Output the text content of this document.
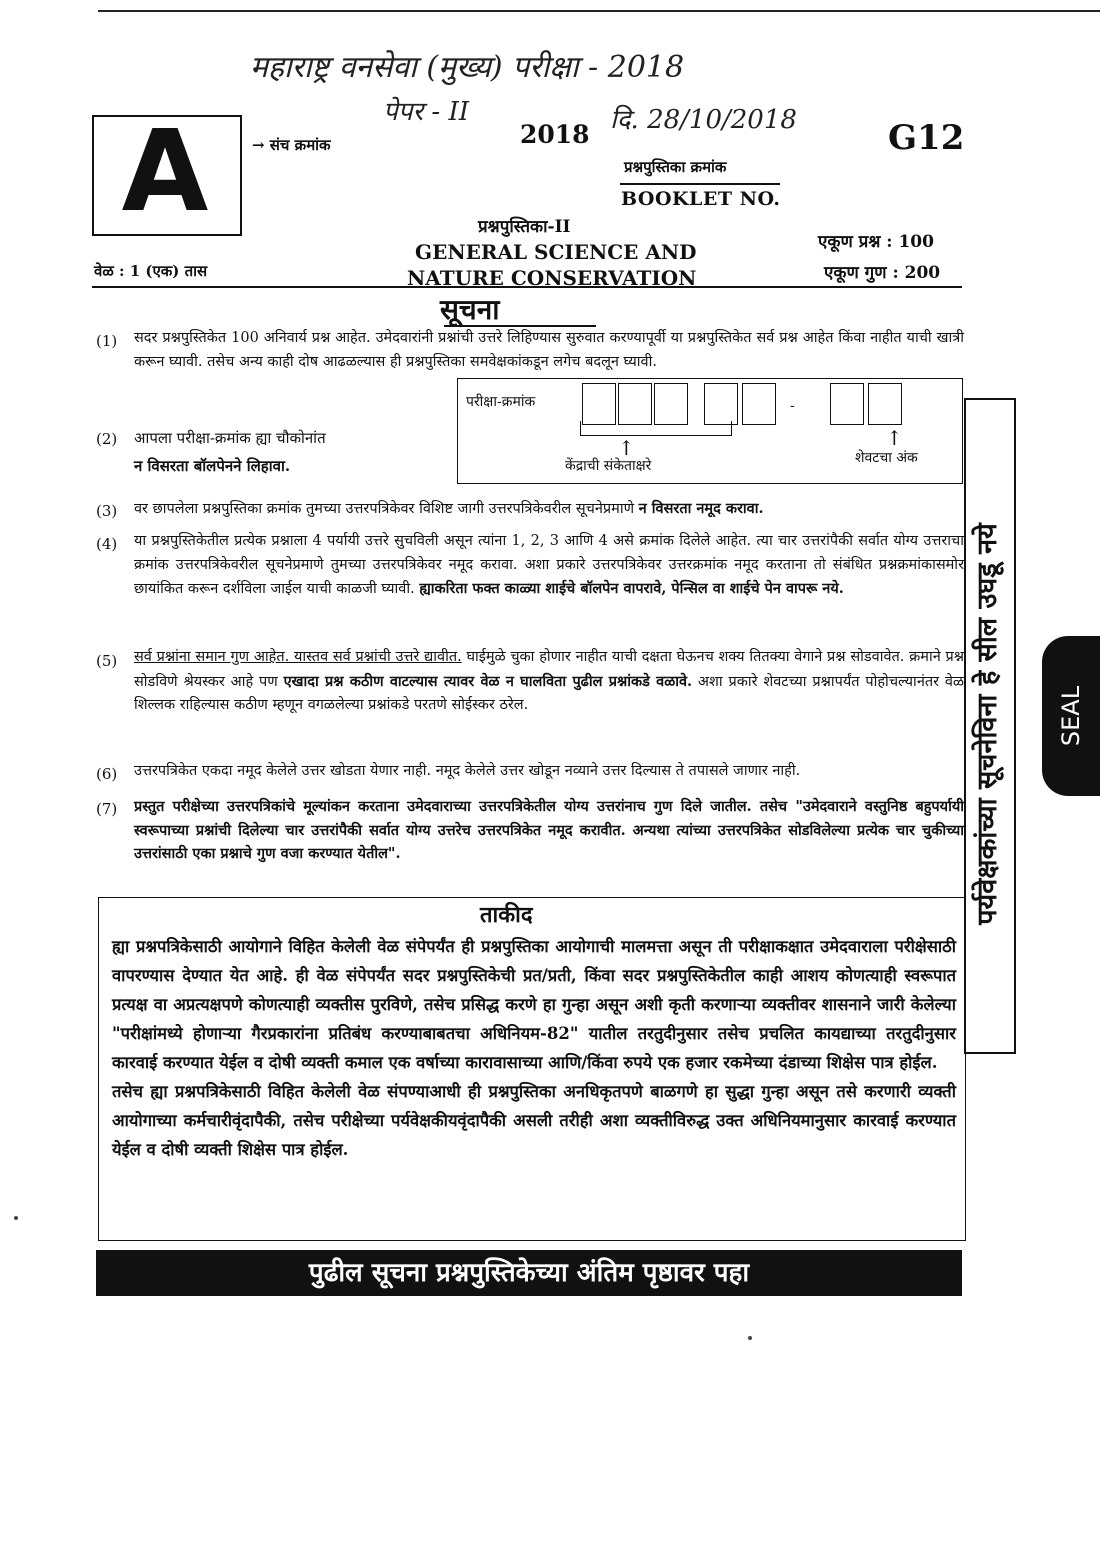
महाराष्ट्र वनसेवा (मुख्य) परीक्षा - 2018
पेपर - II	दि. 28/10/2018
A	→ संच क्रमांक	2018	G12
प्रश्नपुस्तिका क्रमांक
BOOKLET NO.
प्रश्नपुस्तिका-II
GENERAL SCIENCE AND
NATURE CONSERVATION
एकूण प्रश्न : 100
एकूण गुण : 200
वेळ : 1 (एक) तास
सूचना
(1) सदर प्रश्नपुस्तिकेत 100 अनिवार्य प्रश्न आहेत. उमेदवारांनी प्रश्नांची उत्तरे लिहिण्यास सुरुवात करण्यापूर्वी या प्रश्नपुस्तिकेत सर्व प्रश्न आहेत किंवा नाहीत याची खात्री करून घ्यावी. तसेच अन्य काही दोष आढळल्यास ही प्रश्नपुस्तिका समवेक्षकांकडून लगेच बदलून घ्यावी.
परीक्षा-क्रमांक	-
↑	↑
केंद्राची संकेताक्षरे	शेवटचा अंक
(2) आपला परीक्षा-क्रमांक ह्या चौकोनांत
न विसरता बॉलपेनने लिहावा.
(3) वर छापलेला प्रश्नपुस्तिका क्रमांक तुमच्या उत्तरपत्रिकेवर विशिष्ट जागी उत्तरपत्रिकेवरील सूचनेप्रमाणे न विसरता नमूद करावा.
(4) या प्रश्नपुस्तिकेतील प्रत्येक प्रश्नाला 4 पर्यायी उत्तरे सुचविली असून त्यांना 1, 2, 3 आणि 4 असे क्रमांक दिलेले आहेत. त्या चार उत्तरांपैकी सर्वात योग्य उत्तराचा क्रमांक उत्तरपत्रिकेवरील सूचनेप्रमाणे तुमच्या उत्तरपत्रिकेवर नमूद करावा. अशा प्रकारे उत्तरपत्रिकेवर उत्तरक्रमांक नमूद करताना तो संबंधित प्रश्नक्रमांकासमोर छायांकित करून दर्शविला जाईल याची काळजी घ्यावी. ह्याकरिता फक्त काळ्या शाईचे बॉलपेन वापरावे, पेन्सिल वा शाईचे पेन वापरू नये.
(5) सर्व प्रश्नांना समान गुण आहेत. यास्तव सर्व प्रश्नांची उत्तरे द्यावीत. घाईमुळे चुका होणार नाहीत याची दक्षता घेऊनच शक्य तितक्या वेगाने प्रश्न सोडवावेत. क्रमाने प्रश्न सोडविणे श्रेयस्कर आहे पण एखादा प्रश्न कठीण वाटल्यास त्यावर वेळ न घालविता पुढील प्रश्नांकडे वळावे. अशा प्रकारे शेवटच्या प्रश्नापर्यंत पोहोचल्यानंतर वेळ शिल्लक राहिल्यास कठीण म्हणून वगळलेल्या प्रश्नांकडे परतणे सोईस्कर ठरेल.
(6) उत्तरपत्रिकेत एकदा नमूद केलेले उत्तर खोडता येणार नाही. नमूद केलेले उत्तर खोडून नव्याने उत्तर दिल्यास ते तपासले जाणार नाही.
(7) प्रस्तुत परीक्षेच्या उत्तरपत्रिकांचे मूल्यांकन करताना उमेदवाराच्या उत्तरपत्रिकेतील योग्य उत्तरांनाच गुण दिले जातील. तसेच "उमेदवाराने वस्तुनिष्ठ बहुपर्यायी स्वरूपाच्या प्रश्नांची दिलेल्या चार उत्तरांपैकी सर्वात योग्य उत्तरेच उत्तरपत्रिकेत नमूद करावीत. अन्यथा त्यांच्या उत्तरपत्रिकेत सोडविलेल्या प्रत्येक चार चुकीच्या उत्तरांसाठी एका प्रश्नाचे गुण वजा करण्यात येतील".
ताकीद

ह्या प्रश्नपत्रिकेसाठी आयोगाने विहित केलेली वेळ संपेपर्यंत ही प्रश्नपुस्तिका आयोगाची मालमत्ता असून ती परीक्षाकक्षात उमेदवाराला परीक्षेसाठी वापरण्यास देण्यात येत आहे. ही वेळ संपेपर्यंत सदर प्रश्नपुस्तिकेची प्रत/प्रती, किंवा सदर प्रश्नपुस्तिकेतील काही आशय कोणत्याही स्वरूपात प्रत्यक्ष वा अप्रत्यक्षपणे कोणत्याही व्यक्तीस पुरविणे, तसेच प्रसिद्ध करणे हा गुन्हा असून अशी कृती करणाऱ्या व्यक्तीवर शासनाने जारी केलेल्या "परीक्षांमध्ये होणाऱ्या गैरप्रकारांना प्रतिबंध करण्याबाबतचा अधिनियम-82" यातील तरतुदीनुसार तसेच प्रचलित कायद्याच्या तरतुदीनुसार कारवाई करण्यात येईल व दोषी व्यक्ती कमाल एक वर्षाच्या कारावासाच्या आणि/किंवा रुपये एक हजार रकमेच्या दंडाच्या शिक्षेस पात्र होईल.

तसेच ह्या प्रश्नपत्रिकेसाठी विहित केलेली वेळ संपण्याआधी ही प्रश्नपुस्तिका अनधिकृतपणे बाळगणे हा सुद्धा गुन्हा असून तसे करणारी व्यक्ती आयोगाच्या कर्मचारीवृंदापैकी, तसेच परीक्षेच्या पर्यवेक्षकीयवृंदापैकी असली तरीही अशा व्यक्तीविरुद्ध उक्त अधिनियमानुसार कारवाई करण्यात येईल व दोषी व्यक्ती शिक्षेस पात्र होईल.

पुढील सूचना प्रश्नपुस्तिकेच्या अंतिम पृष्ठावर पहा
पर्यवेक्षकांच्या सूचनेविना हे सील उघडू नये SEAL
